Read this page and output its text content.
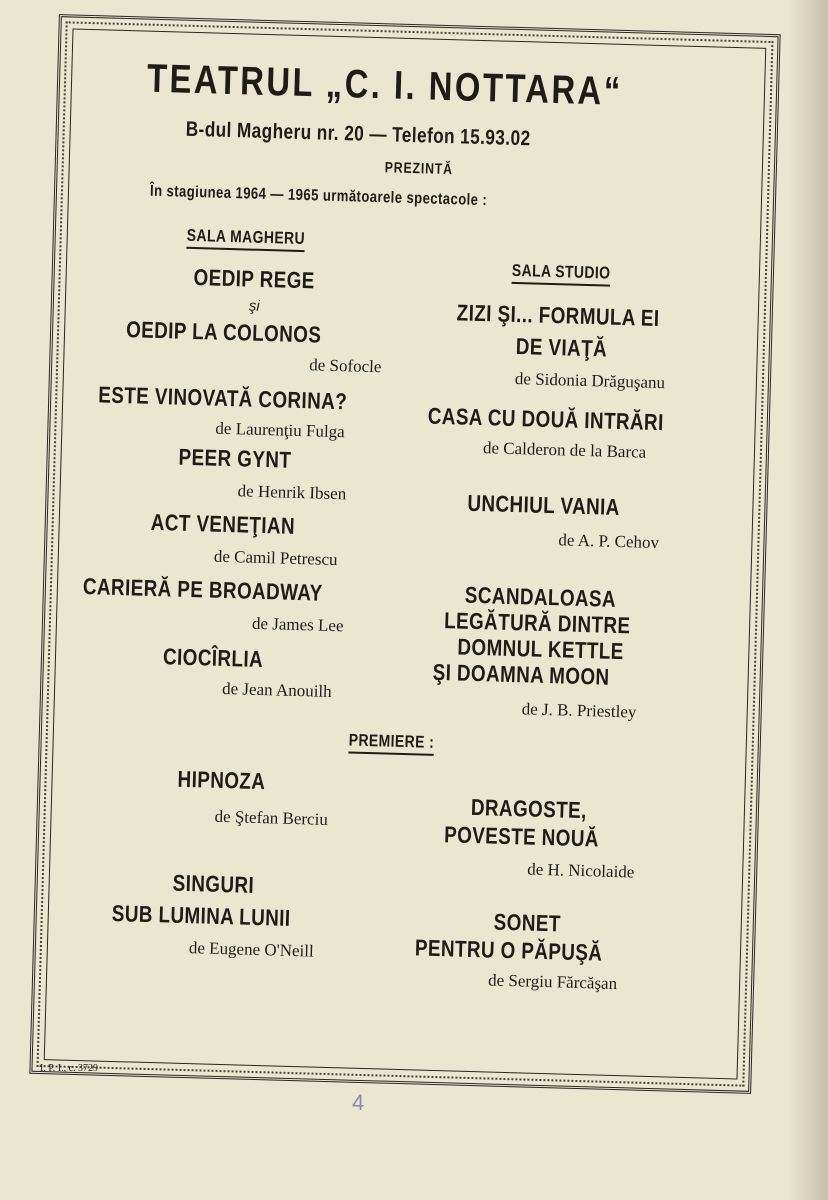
TEATRUL „C. I. NOTTARA“
B-dul Magheru nr. 20 — Telefon 15.93.02
PREZINTĂ
În stagiunea 1964 — 1965 următoarele spectacole :
SALA MAGHERU
SALA STUDIO
OEDIP REGE
şi
OEDIP LA COLONOS
de Sofocle
ESTE VINOVATĂ CORINA?
de Laurenţiu Fulga
PEER GYNT
de Henrik Ibsen
ACT VENEŢIAN
de Camil Petrescu
CARIERĂ PE BROADWAY
de James Lee
CIOCÎRLIA
de Jean Anouilh
ZIZI ŞI... FORMULA EI
DE VIAŢĂ
de Sidonia Drăguşanu
CASA CU DOUĂ INTRĂRI
de Calderon de la Barca
UNCHIUL VANIA
de A. P. Cehov
SCANDALOASA
LEGĂTURĂ DINTRE
DOMNUL KETTLE
ŞI DOAMNA MOON
de J. B. Priestley
PREMIERE :
HIPNOZA
de Ştefan Berciu	DRAGOSTE,
POVESTE NOUĂ
de H. Nicolaide
SINGURI
SUB LUMINA LUNII
de Eugene O'Neill
SONET
PENTRU O PĂPUŞĂ
de Sergiu Fărcăşan
I. P. I., c. 3729
4
